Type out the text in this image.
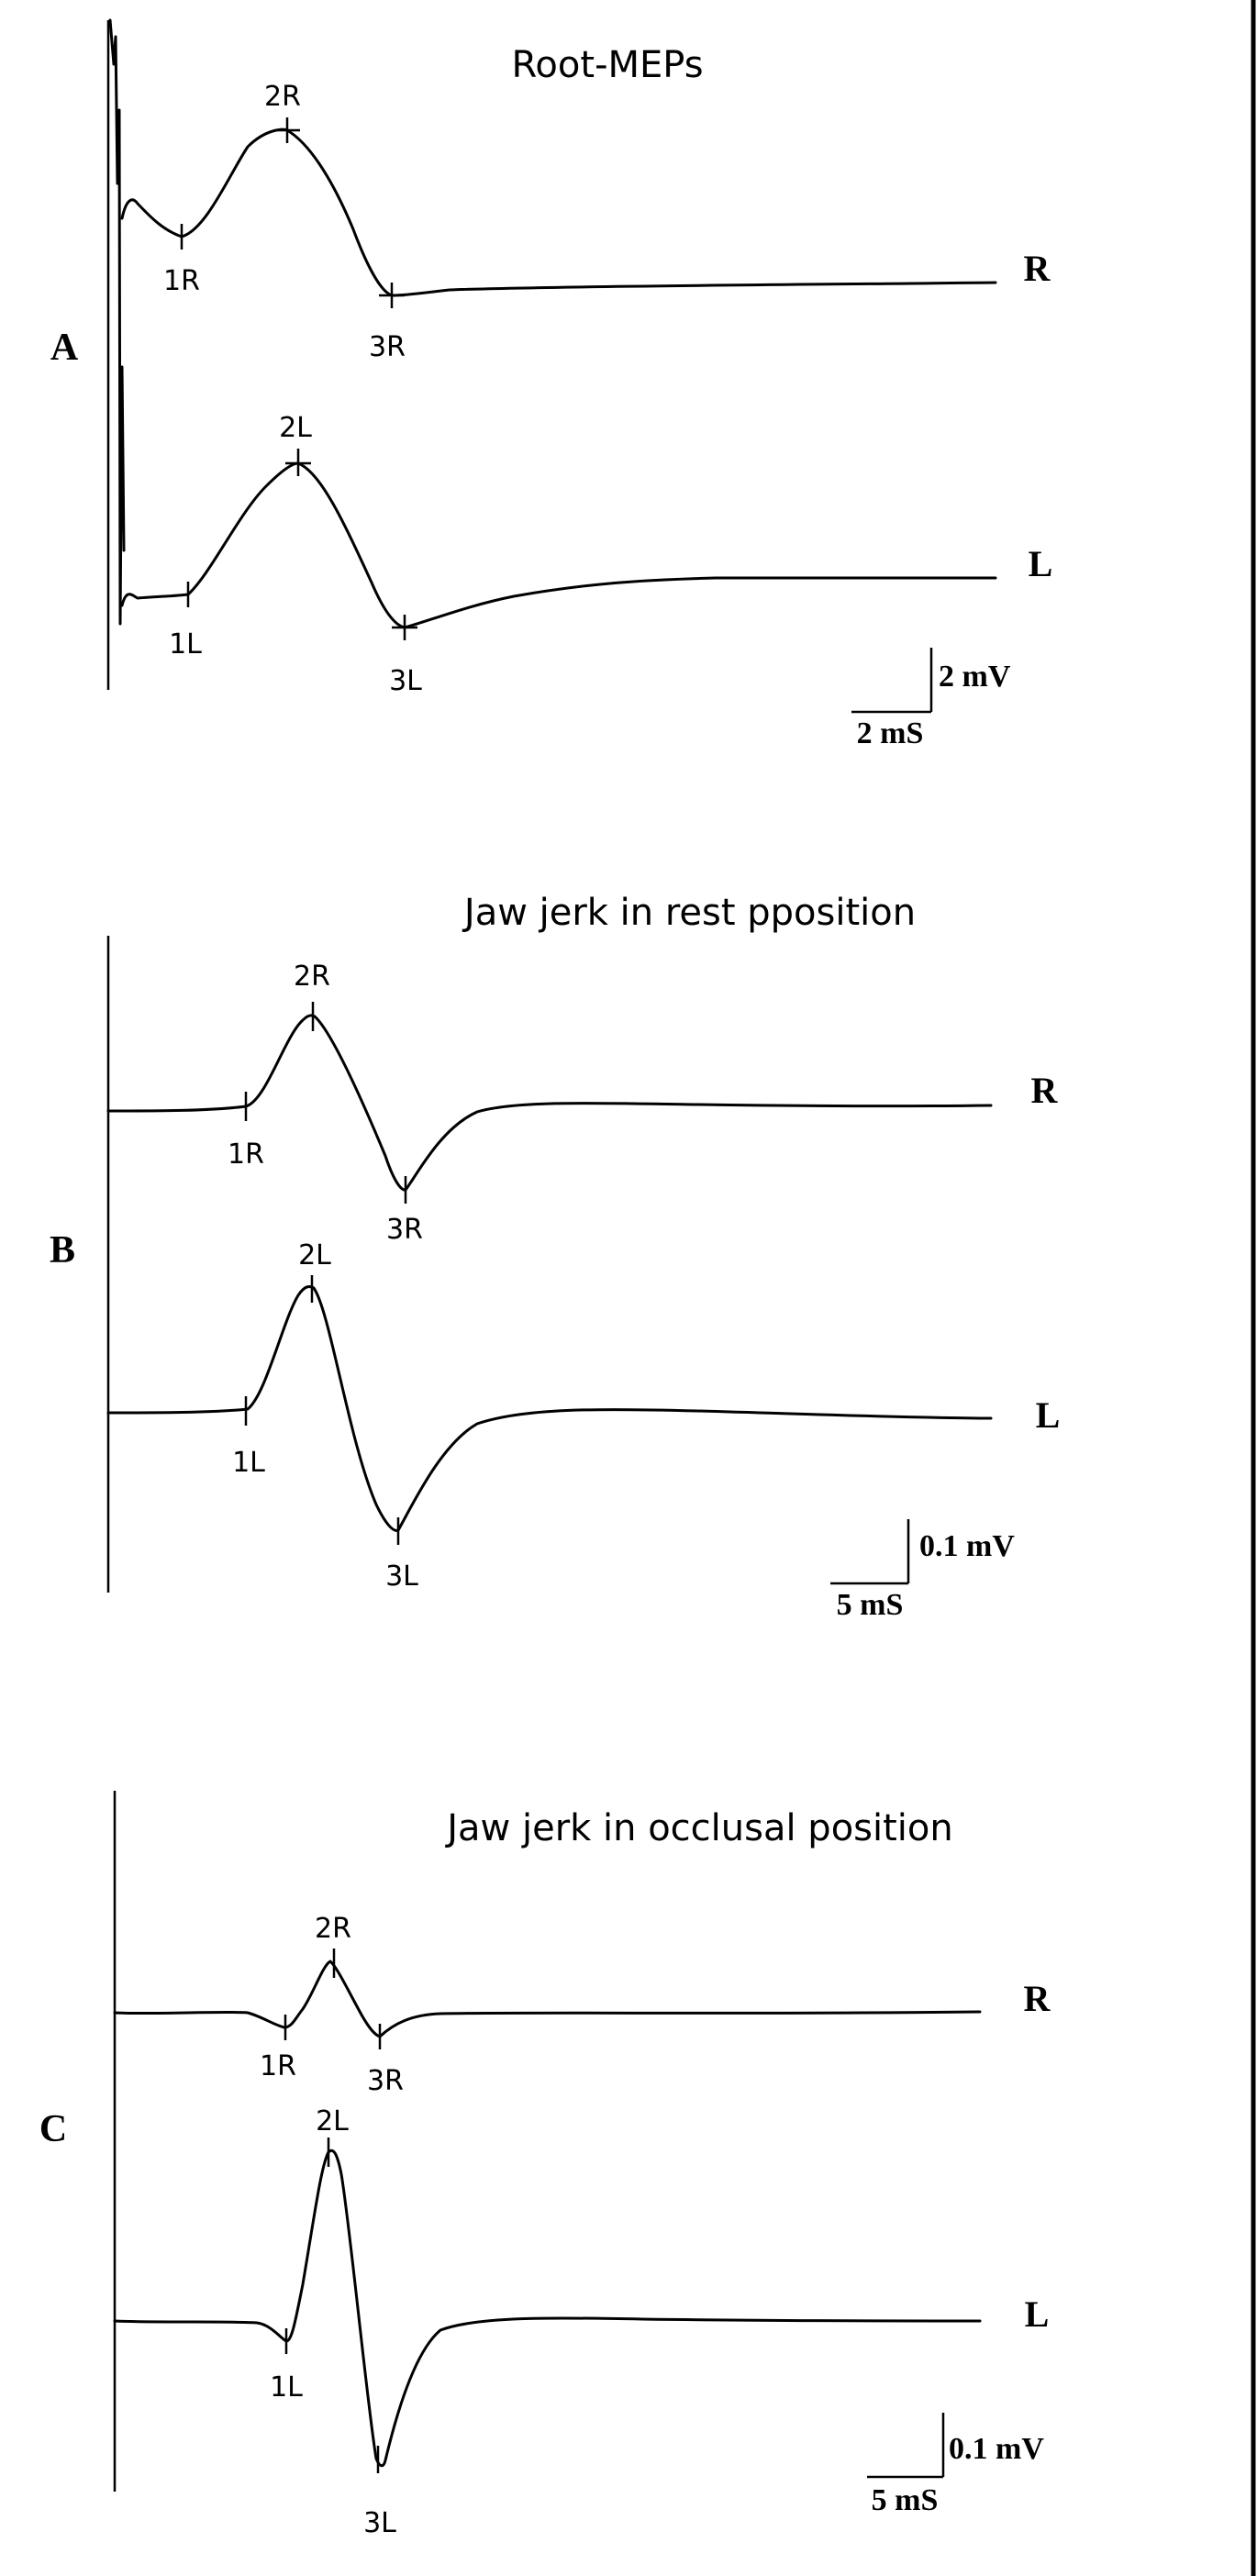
Root-MEPs
A
R
1R
2R
3R
L
1L
2L
3L	2 mV
2 mS
Jaw jerk in rest pposition
B
R
1R
2R
3R
L
1L
2L
3L
0.1 mV
5 mS
Jaw jerk in occlusal position
C
R
1R
2R
3R
L
1L
2L
3L
0.1 mV
5 mS
